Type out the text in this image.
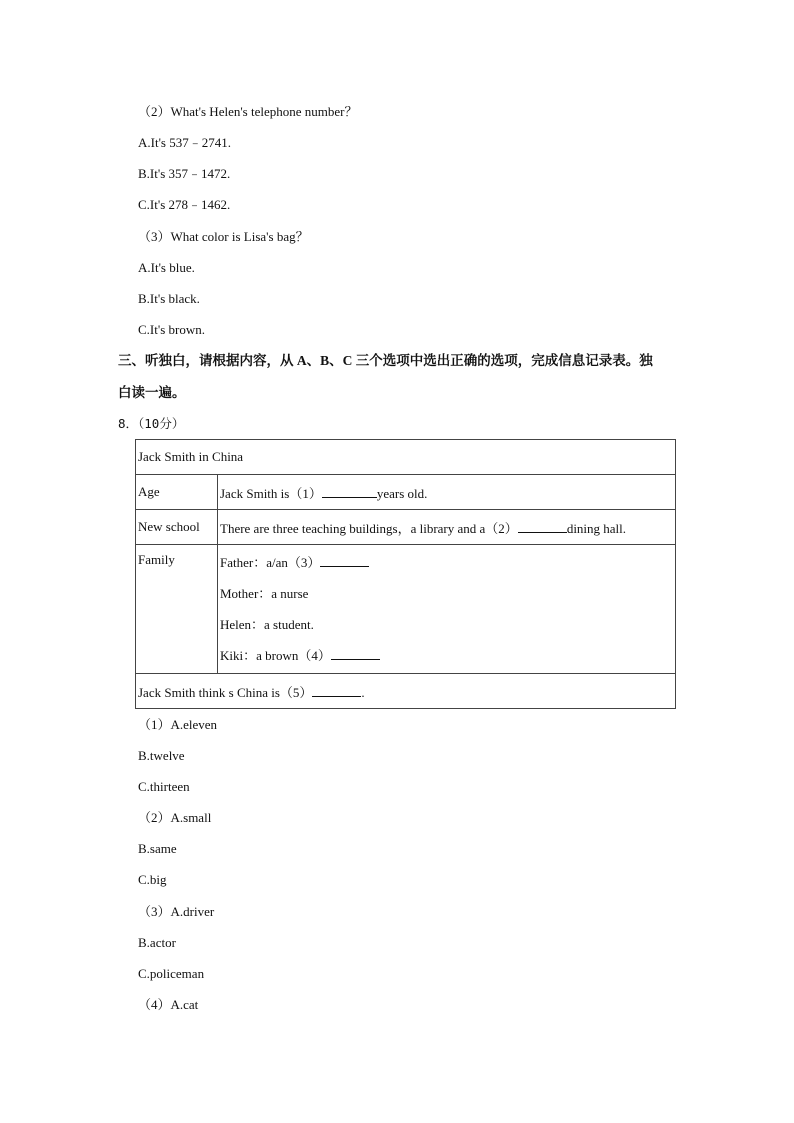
（2）What's Helen's telephone number？
A.It's 537﹣2741.
B.It's 357﹣1472.
C.It's 278﹣1462.
（3）What color is Lisa's bag？
A.It's blue.
B.It's black.
C.It's brown.
三、听独白，请根据内容，从 A、B、C 三个选项中选出正确的选项，完成信息记录表。独
白读一遍。
8．（10分）
Jack Smith in China	
Age	Jack Smith is（1） years old.
New school	There are three teaching buildings，a library and a（2） dining hall.
Family	Father：a/an（3）
Mother：a nurse
Helen：a student.
Kiki：a brown（4）

Jack Smith think s China is（5） .	
（1）A.eleven
B.twelve
C.thirteen
（2）A.small
B.same
C.big
（3）A.driver
B.actor
C.policeman
（4）A.cat
